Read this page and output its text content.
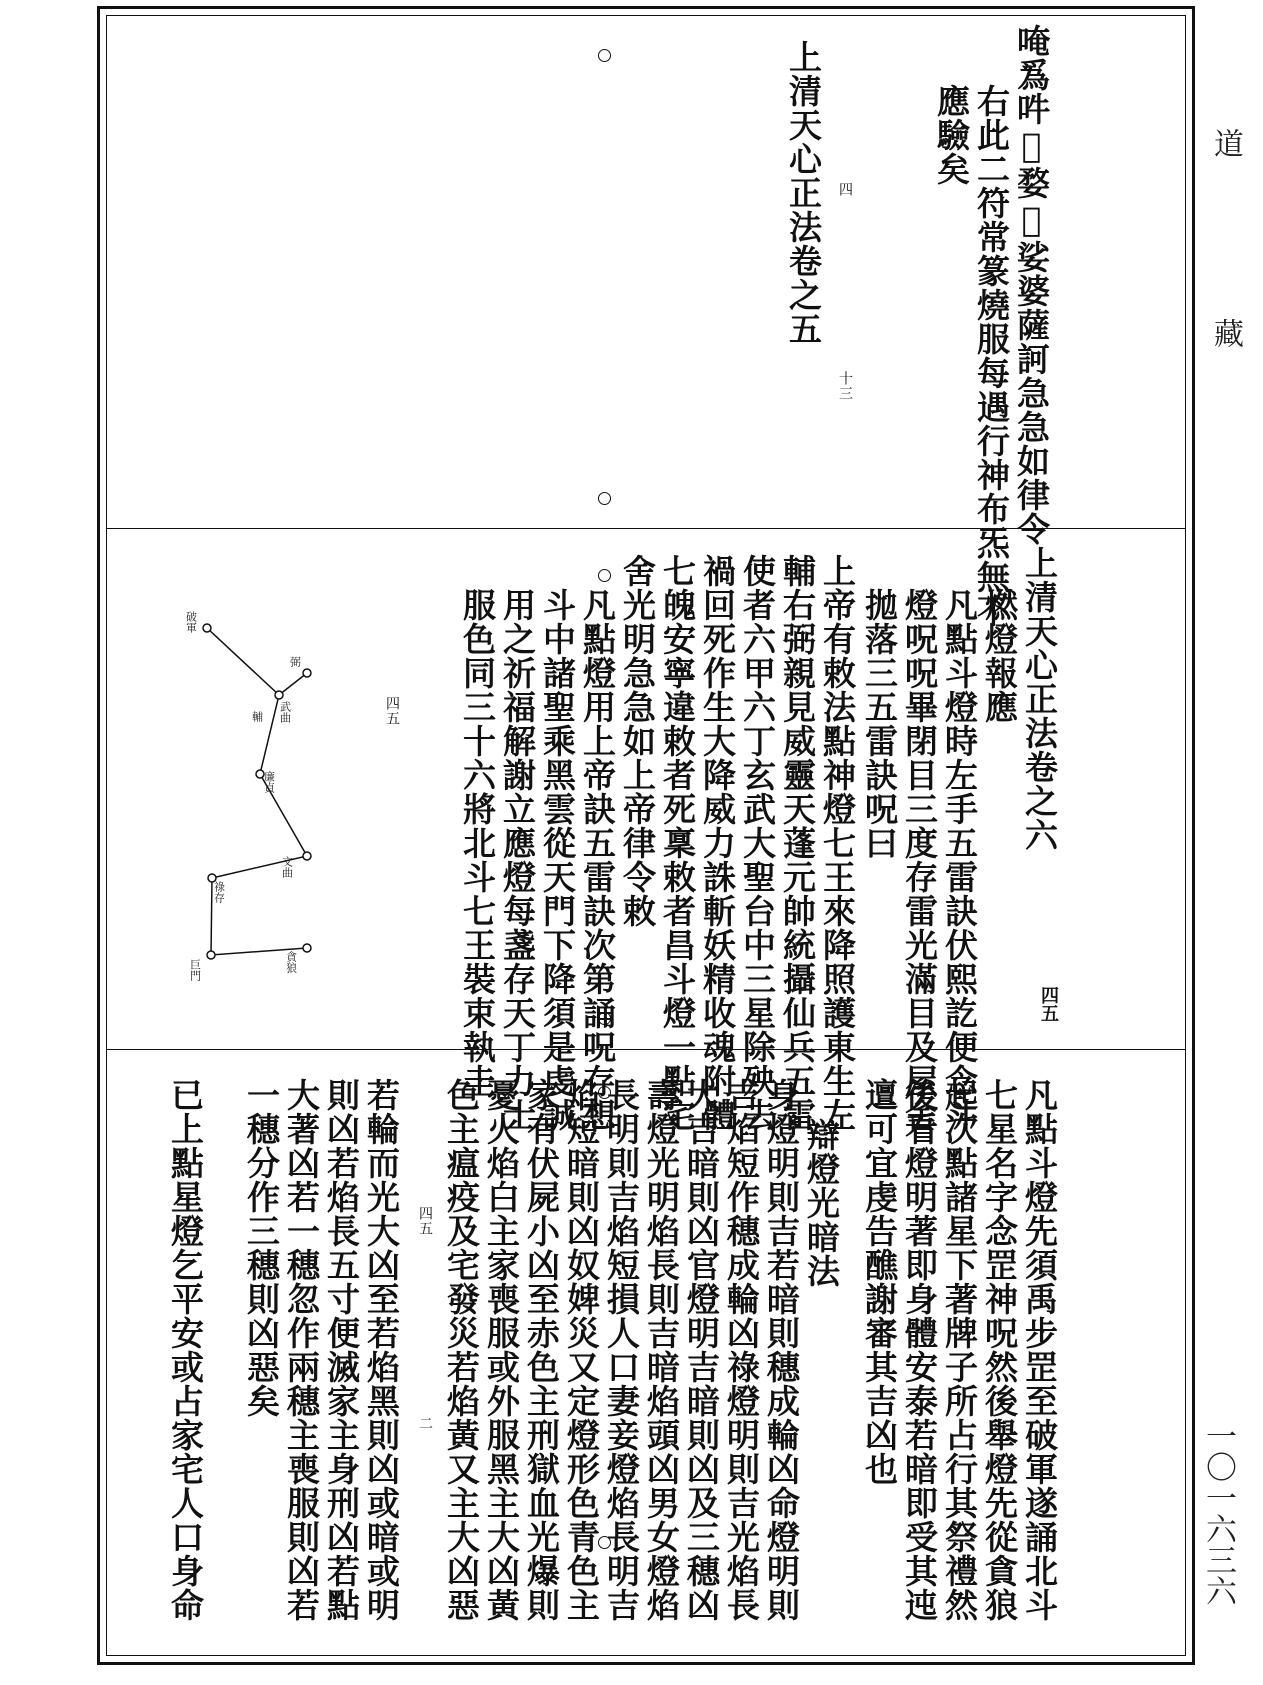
道
藏
一〇一六三六
唵𤔡吽𠺁婺𠺁娑婆薩訶急急如律令
右此二符常篆燒服每遇行神布炁無不
應驗矣
上清天心正法卷之五	四
十三
上清天心正法卷之六
燃燈報應
凡點斗燈時左手五雷訣伏熙訖便念斗
燈呪呪畢閉目三度存雷光滿目及屋舍
拋落三五雷訣呪曰
上帝有敕法點神燈七王來降照護東生左
輔右弼親見威靈天蓬元帥統攝仙兵五雷
使者六甲六丁玄武大聖台中三星除殃去
禍回死作生大降威力誅斬妖精收魂附體
七魄安寧違敕者死稟敕者昌斗燈一點宅
舍光明急急如上帝律令敕
凡點燈用上帝訣五雷訣次第誦呪存想
斗中諸聖乘黑雲從天門下降須是虔誠
用之祈福解謝立應燈每盞存天丁力士
服色同三十六將北斗七王裝束執圭	四五
四五
破軍
輔
弼
武曲
廉貞
文曲
祿存
巨門	貪狼
凡點斗燈先須禹步罡至破軍遂誦北斗
七星名字念罡神呪然後舉燈先從貪狼
起次點諸星下著牌子所占行其祭禮然
後看燈明著即身體安泰若暗即受其迍
邅可宜虔告醮謝審其吉凶也
辯燈光暗法
身燈明則吉若暗則穗成輪凶命燈明則
吉焰短作穗成輪凶祿燈明則吉光焰長
大吉暗則凶官燈明吉暗則凶及三穗凶
壽燈光明焰長則吉暗焰頭凶男女燈焰
長明則吉焰短損人口妻妾燈焰長明吉
焰短暗則凶奴婢災又定燈形色青色主
家有伏屍小凶至赤色主刑獄血光爆則
憂火焰白主家喪服或外服黑主大凶黃
色主瘟疫及宅發災若焰黃又主大凶惡
若輪而光大凶至若焰黑則凶或暗或明
則凶若焰長五寸便滅家主身刑凶若點
大著凶若一穗忽作兩穗主喪服則凶若
一穗分作三穗則凶惡矣
已上點星燈乞平安或占家宅人口身命	四五
二
